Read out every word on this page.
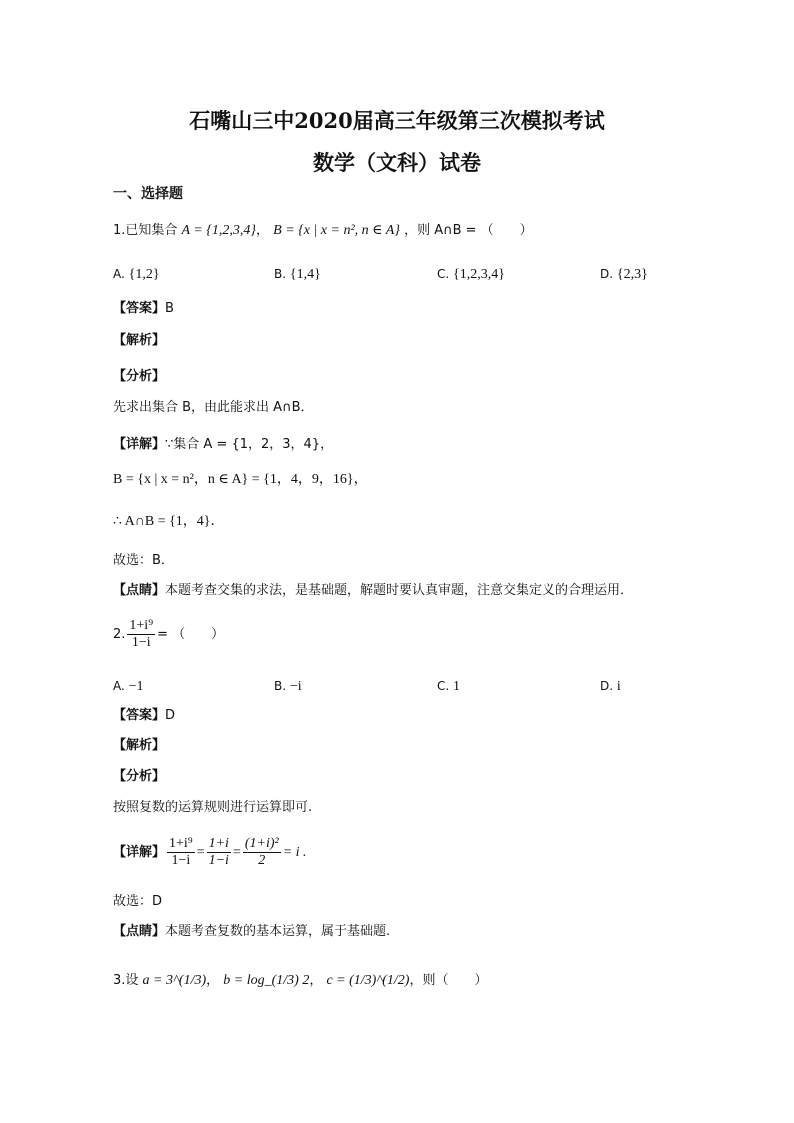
石嘴山三中2020届高三年级第三次模拟考试
数学（文科）试卷
一、选择题
1.已知集合 A = {1,2,3,4}， B = {x | x = n², n ∈ A} ，则 A∩B = （　　）
A. {1,2}	B. {1,4}	C. {1,2,3,4}	D. {2,3}
【答案】B
【解析】
【分析】
先求出集合 B，由此能求出 A∩B．
【详解】∵集合 A = {1，2，3，4}，
B = {x | x = n²，n ∈ A} = {1，4，9，16}，
∴ A∩B = {1，4}．
故选：B．
【点睛】本题考查交集的求法，是基础题，解题时要认真审题，注意交集定义的合理运用．
2. $\frac{\text{1+i⁹}}{1-i}$ = （　　）
A. −1	B. −i	C. 1	D. i
【答案】D
【解析】
【分析】
按照复数的运算规则进行运算即可.
【详解】 $\frac{\text{1+i⁹}}{1-i} = \frac{1+i}{1-i} = \frac{\text{(1+i)²}}{2} = i$ .
故选：D
【点睛】本题考查复数的基本运算，属于基础题.
3.设 a = 3^(1/3)， b = log_(1/3) 2， c = (1/3)^(1/2)，则（　　）
